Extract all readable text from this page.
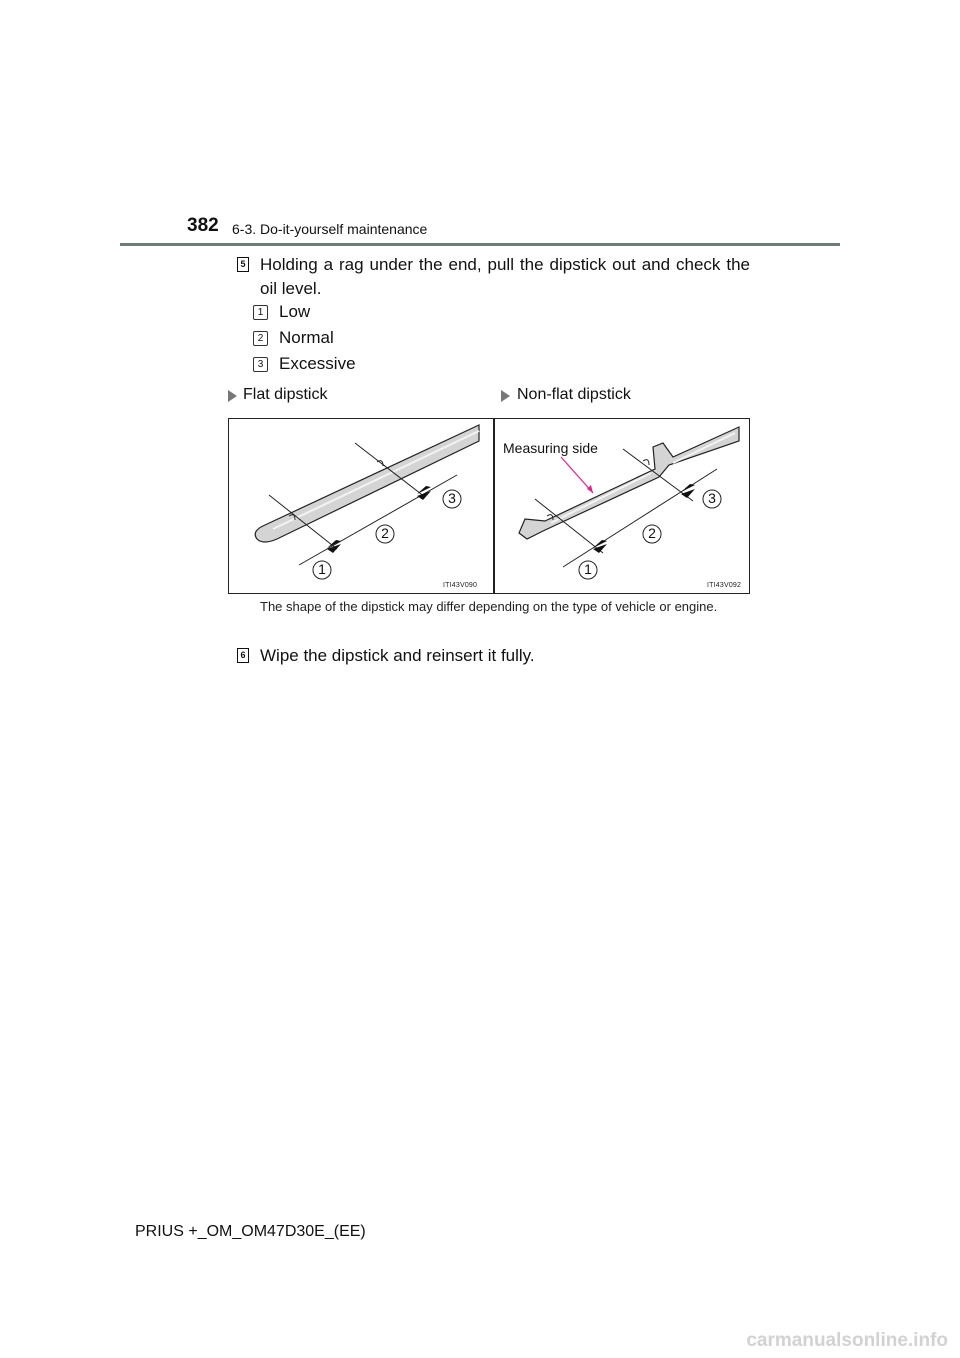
382 6-3. Do-it-yourself maintenance
5 Holding a rag under the end, pull the dipstick out and check the oil level.
1 Low
2 Normal
3 Excessive
Flat dipstick	Non-flat dipstick
1
2
3
ITI43V090
Measuring side
1
2
3
ITI43V092
The shape of the dipstick may differ depending on the type of vehicle or engine.
6 Wipe the dipstick and reinsert it fully.
PRIUS +_OM_OM47D30E_(EE)
carmanualsonline.info
